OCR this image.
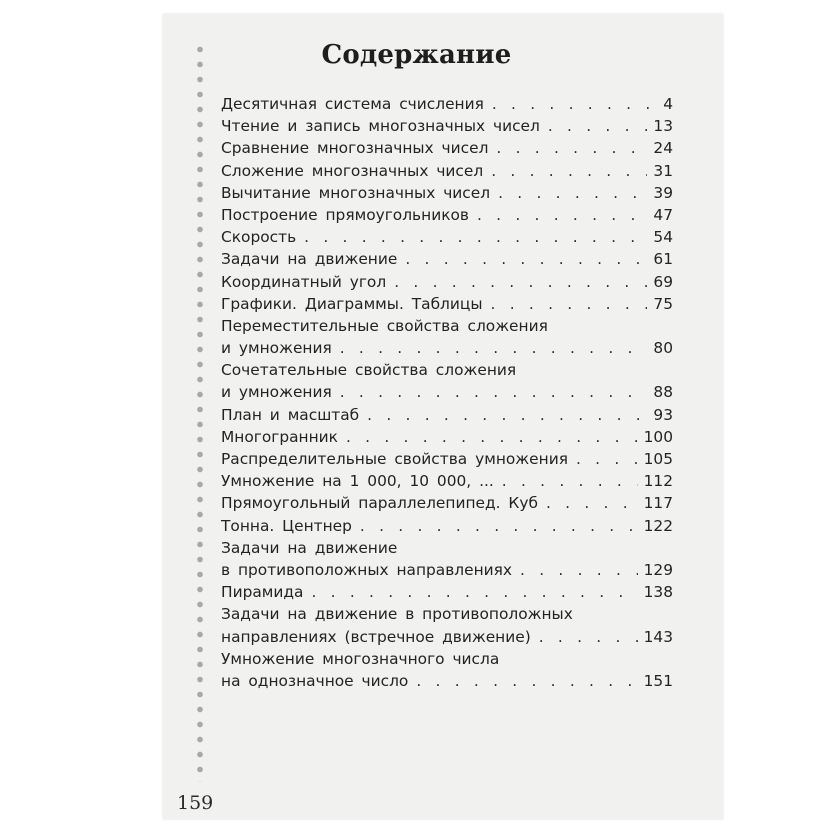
Содержание
Десятичная система счисления . . .	4
Чтение и запись многозначных чисел . . .	13
Сравнение многозначных чисел . . .	24
Сложение многозначных чисел . . .	31
Вычитание многозначных чисел . . .	39
Построение прямоугольников . . .	47
Скорость . . .	54
Задачи на движение . . .	61
Координатный угол . . .	69
Графики. Диаграммы. Таблицы . . .	75
Переместительные свойства сложения
и умножения . . .	80
Сочетательные свойства сложения
и умножения . . .	88
План и масштаб . . .	93
Многогранник . . .	100
Распределительные свойства умножения . . .	105
Умножение на 1 000, 10 000, ... . . .	112
Прямоугольный параллелепипед. Куб . . .	117
Тонна. Центнер . . .	122
Задачи на движение
в противоположных направлениях . . .	129
Пирамида . . .	138
Задачи на движение в противоположных
направлениях (встречное движение) . . .	143
Умножение многозначного числа
на однозначное число . . .	151
159
